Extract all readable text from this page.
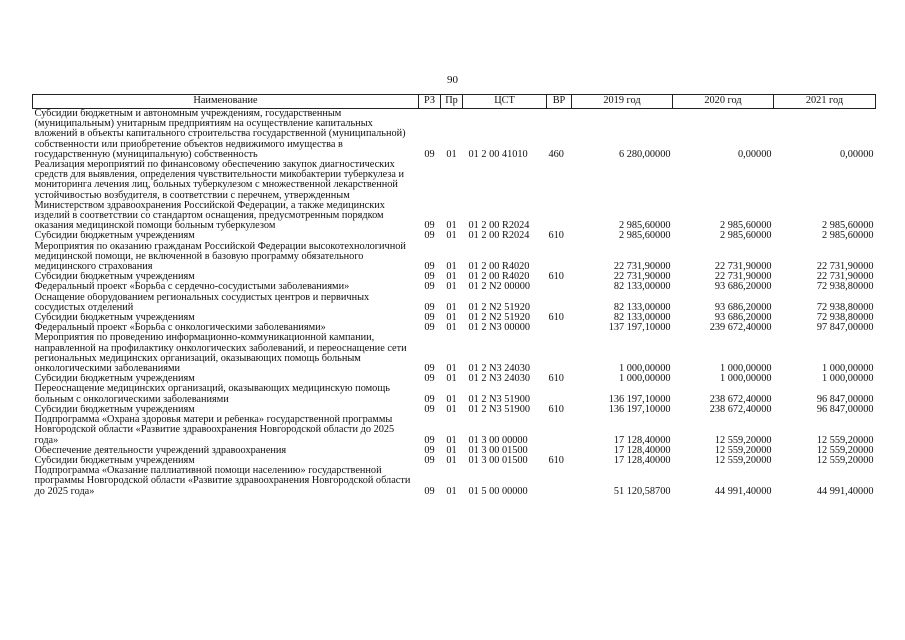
90
Наименование	РЗ	Пр	ЦСТ	ВР	2019 год	2020 год	2021 год
Субсидии бюджетным и автономным учреждениям, государственным (муниципальным) унитарным предприятиям на осуществление капитальных вложений в объекты капитального строительства государственной (муниципальной) собственности или приобретение объектов недвижимого имущества в государственную (муниципальную) собственность	09	01	01 2 00 41010	460	6 280,00000	0,00000	0,00000
Реализация мероприятий по финансовому обеспечению закупок диагностических средств для выявления, определения чувствительности микобактерии туберкулеза и мониторинга лечения лиц, больных туберкулезом с множественной лекарственной устойчивостью возбудителя, в соответствии с перечнем, утвержденным Министерством здравоохранения Российской Федерации, а также медицинских изделий в соответствии со стандартом оснащения, предусмотренным порядком оказания медицинской помощи больным туберкулезом	09	01	01 2 00 R2024		2 985,60000	2 985,60000	2 985,60000
Субсидии бюджетным учреждениям	09	01	01 2 00 R2024	610	2 985,60000	2 985,60000	2 985,60000
Мероприятия по оказанию гражданам Российской Федерации высокотехнологичной медицинской помощи, не включенной в базовую программу обязательного медицинского страхования	09	01	01 2 00 R4020		22 731,90000	22 731,90000	22 731,90000
Субсидии бюджетным учреждениям	09	01	01 2 00 R4020	610	22 731,90000	22 731,90000	22 731,90000
Федеральный проект «Борьба с сердечно-сосудистыми заболеваниями»	09	01	01 2 N2 00000		82 133,00000	93 686,20000	72 938,80000
Оснащение оборудованием региональных сосудистых центров и первичных сосудистых отделений	09	01	01 2 N2 51920		82 133,00000	93 686,20000	72 938,80000
Субсидии бюджетным учреждениям	09	01	01 2 N2 51920	610	82 133,00000	93 686,20000	72 938,80000
Федеральный проект «Борьба с онкологическими заболеваниями»	09	01	01 2 N3 00000		137 197,10000	239 672,40000	97 847,00000
Мероприятия по проведению информационно-коммуникационной кампании, направленной на профилактику онкологических заболеваний, и переоснащение сети региональных медицинских организаций, оказывающих помощь больным онкологическими заболеваниями	09	01	01 2 N3 24030		1 000,00000	1 000,00000	1 000,00000
Субсидии бюджетным учреждениям	09	01	01 2 N3 24030	610	1 000,00000	1 000,00000	1 000,00000
Переоснащение медицинских организаций, оказывающих медицинскую помощь больным с онкологическими заболеваниями	09	01	01 2 N3 51900		136 197,10000	238 672,40000	96 847,00000
Субсидии бюджетным учреждениям	09	01	01 2 N3 51900	610	136 197,10000	238 672,40000	96 847,00000
Подпрограмма «Охрана здоровья матери и ребенка» государственной программы Новгородской области «Развитие здравоохранения Новгородской области до 2025 года»	09	01	01 3 00 00000		17 128,40000	12 559,20000	12 559,20000
Обеспечение деятельности учреждений здравоохранения	09	01	01 3 00 01500		17 128,40000	12 559,20000	12 559,20000
Субсидии бюджетным учреждениям	09	01	01 3 00 01500	610	17 128,40000	12 559,20000	12 559,20000
Подпрограмма «Оказание паллиативной помощи населению» государственной программы Новгородской области «Развитие здравоохранения Новгородской области до 2025 года»	09	01	01 5 00 00000		51 120,58700	44 991,40000	44 991,40000
